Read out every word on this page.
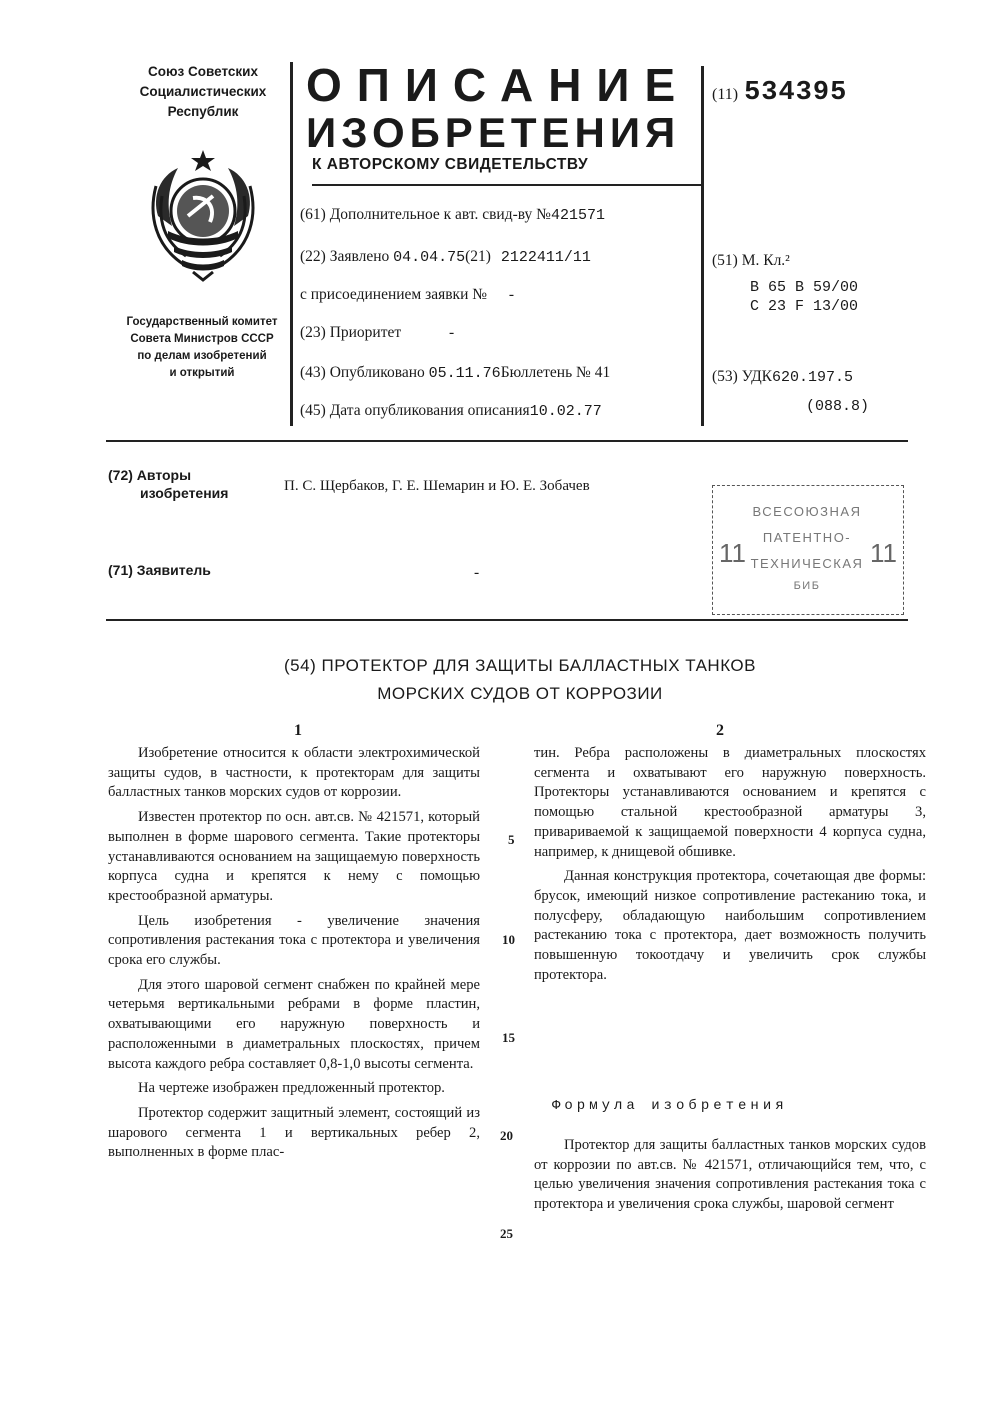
Союз Советских
Социалистических
Республик
Государственный комитет
Совета Министров СССР
по делам изобретений
и открытий
ОПИСАНИЕ
ИЗОБРЕТЕНИЯ
К АВТОРСКОМУ СВИДЕТЕЛЬСТВУ
(11) 534395
(61) Дополнительное к авт. свид-ву №421571
(22) Заявлено 04.04.75(21) 2122411/11
с присоединением заявки № -
(23) Приоритет	-
(43) Опубликовано 05.11.76Бюллетень № 41
(45) Дата опубликования описания10.02.77
(51) М. Кл.²
B 65 B 59/00
C 23 F 13/00
(53) УДК620.197.5
(088.8)
(72) Авторы
изобретения	П. С. Щербаков, Г. Е. Шемарин и Ю. Е. Зобачев
(71) Заявитель	-
ВСЕСОЮЗНАЯ
ПАТЕНТНО-
ТЕХНИЧЕСКАЯ
БИБ
11	11
(54) ПРОТЕКТОР ДЛЯ ЗАЩИТЫ БАЛЛАСТНЫХ ТАНКОВ
МОРСКИХ СУДОВ ОТ КОРРОЗИИ
1	2

Изобретение относится к области электрохимической защиты судов, в частности, к протекторам для защиты балластных танков морских судов от коррозии.

Известен протектор по осн. авт.св. № 421571, который выполнен в форме шарового сегмента. Такие протекторы устанавливаются основанием на защищаемую поверхность корпуса судна и крепятся к нему с помощью крестообразной арматуры.

Цель изобретения - увеличение значения сопротивления растекания тока с протектора и увеличения срока его службы.

Для этого шаровой сегмент снабжен по крайней мере четерьмя вертикальными ребрами в форме пластин, охватывающими его наружную поверхность и расположенными в диаметральных плоскостях, причем высота каждого ребра составляет 0,8-1,0 высоты сегмента.

На чертеже изображен предложенный протектор.

Протектор содержит защитный элемент, состоящий из шарового сегмента 1 и вертикальных ребер 2, выполненных в форме плас-

5
10
15
20
25

тин. Ребра расположены в диаметральных плоскостях сегмента и охватывают его наружную поверхность. Протекторы устанавливаются основанием и крепятся с помощью стальной крестообразной арматуры 3, привариваемой к защищаемой поверхности 4 корпуса судна, например, к днищевой обшивке.

Данная конструкция протектора, сочетающая две формы: брусок, имеющий низкое сопротивление растеканию тока, и полусферу, обладающую наибольшим сопротивлением растеканию тока с протектора, дает возможность получить повышенную токоотдачу и увеличить срок службы протектора.

Формула изобретения

Протектор для защиты балластных танков морских судов от коррозии по авт.св. № 421571, отличающийся тем, что, с целью увеличения значения сопротивления растекания тока с протектора и увеличения срока службы, шаровой сегмент
